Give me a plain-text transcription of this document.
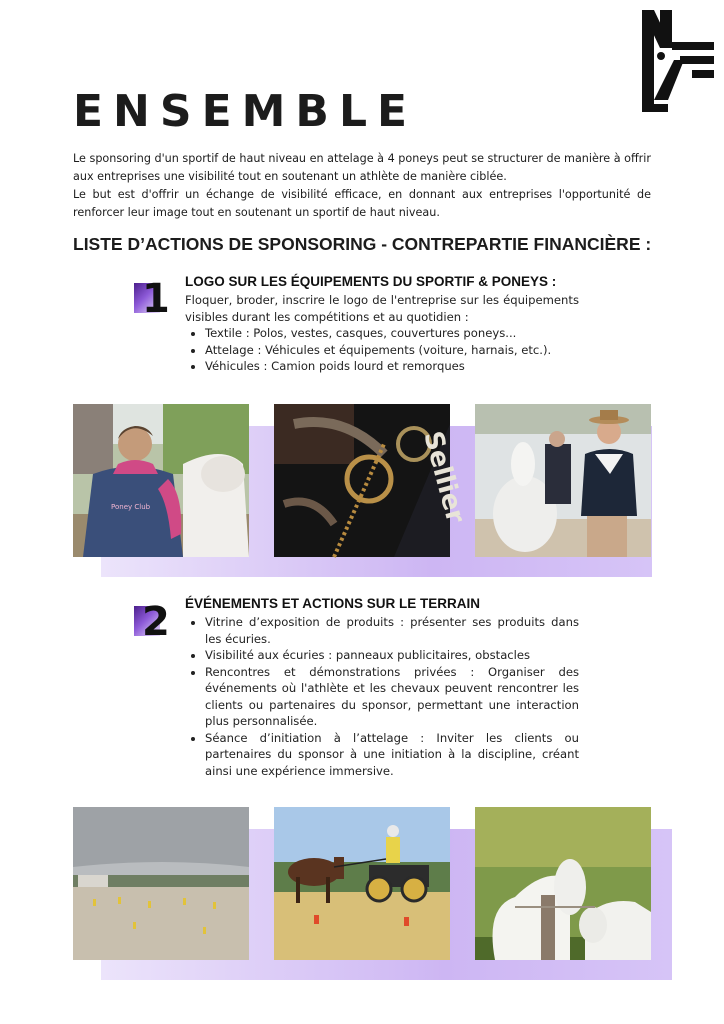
ENSEMBLE

Le sponsoring d'un sportif de haut niveau en attelage à 4 poneys peut se structurer de manière à offrir aux entreprises une visibilité tout en soutenant un athlète de manière ciblée.

Le but est d'offrir un échange de visibilité efficace, en donnant aux entreprises l'opportunité de renforcer leur image tout en soutenant un sportif de haut niveau.

LISTE D’ACTIONS DE SPONSORING - CONTREPARTIE FINANCIÈRE :
1 LOGO SUR LES ÉQUIPEMENTS DU SPORTIF & PONEYS :

Floquer, broder, inscrire le logo de l'entreprise sur les équipements visibles durant les compétitions et au quotidien :

• Textile : Polos, vestes, casques, couvertures poneys...
• Attelage : Véhicules et équipements (voiture, harnais, etc.).
• Véhicules : Camion poids lourd et remorques
Poney Club	Sellier
2 ÉVÉNEMENTS ET ACTIONS SUR LE TERRAIN
• Vitrine d’exposition de produits : présenter ses produits dans les écuries.
• Visibilité aux écuries : panneaux publicitaires, obstacles
• Rencontres et démonstrations privées : Organiser des événements où l'athlète et les chevaux peuvent rencontrer les clients ou partenaires du sponsor, permettant une interaction plus personnalisée.
• Séance d’initiation à l’attelage : Inviter les clients ou partenaires du sponsor à une initiation à la discipline, créant ainsi une expérience immersive.
